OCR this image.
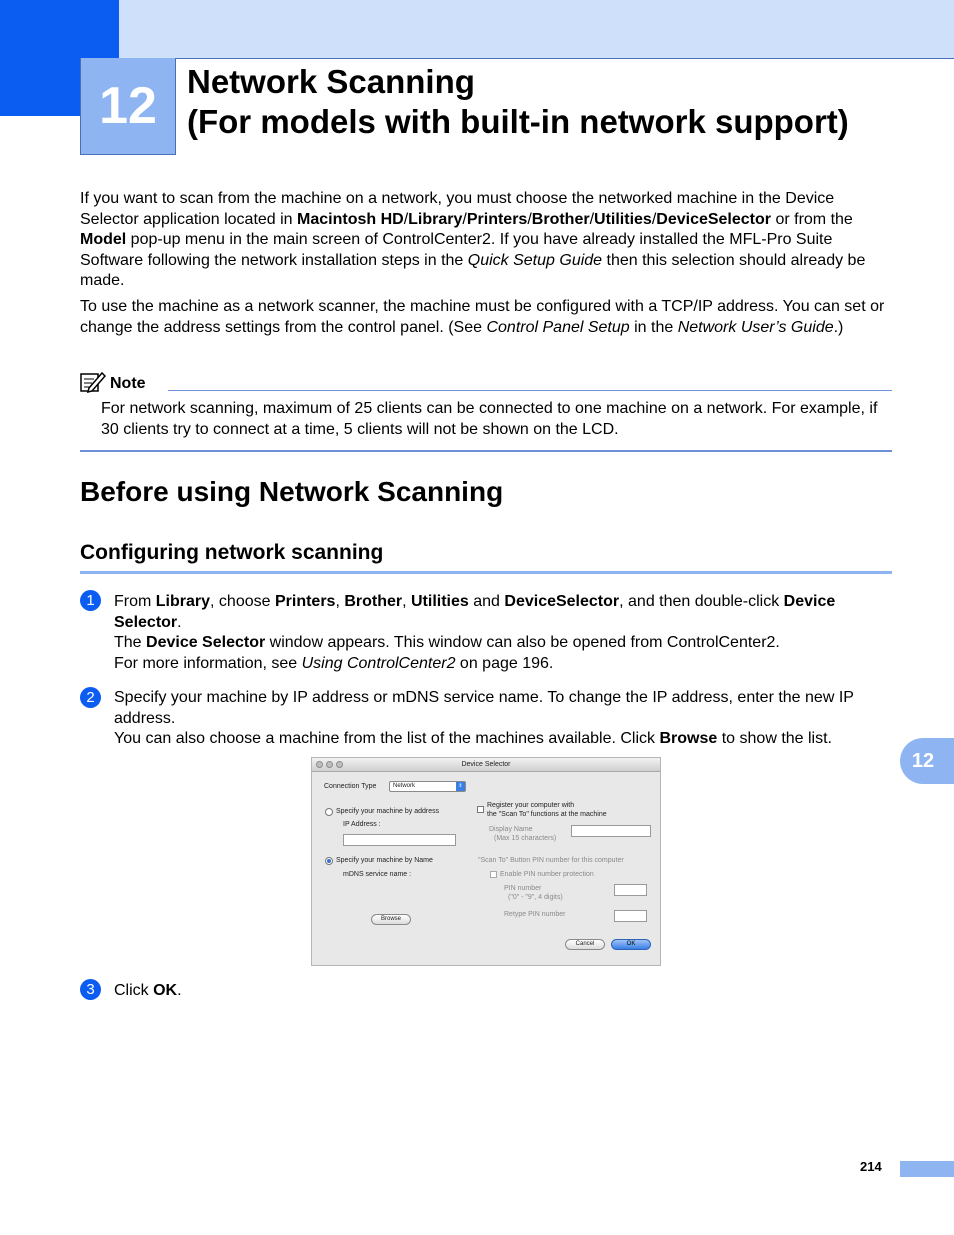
12 Network Scanning
(For models with built-in network support)
If you want to scan from the machine on a network, you must choose the networked machine in the Device Selector application located in Macintosh HD/Library/Printers/Brother/Utilities/DeviceSelector or from the Model pop-up menu in the main screen of ControlCenter2. If you have already installed the MFL-Pro Suite Software following the network installation steps in the Quick Setup Guide then this selection should already be made.
To use the machine as a network scanner, the machine must be configured with a TCP/IP address. You can set or change the address settings from the control panel. (See Control Panel Setup in the Network User’s Guide.)
Note
For network scanning, maximum of 25 clients can be connected to one machine on a network. For example, if 30 clients try to connect at a time, 5 clients will not be shown on the LCD.
Before using Network Scanning
Configuring network scanning
1	From Library, choose Printers, Brother, Utilities and DeviceSelector, and then double-click Device Selector.
The Device Selector window appears. This window can also be opened from ControlCenter2.
For more information, see Using ControlCenter2 on page 196.
2	Specify your machine by IP address or mDNS service name. To change the IP address, enter the new IP address.
You can also choose a machine from the list of the machines available. Click Browse to show the list.
Device Selector
Connection Type	Network	⇕
Specify your machine by address
IP Address :
Specify your machine by Name
mDNS service name :
Browse
Register your computer with
the "Scan To" functions at the machine
Display Name
(Max 15 characters)
"Scan To" Button PIN number for this computer
Enable PIN number protection
PIN number
("0" - "9", 4 digits)
Retype PIN number
Cancel	OK
3	Click OK.
12
214
